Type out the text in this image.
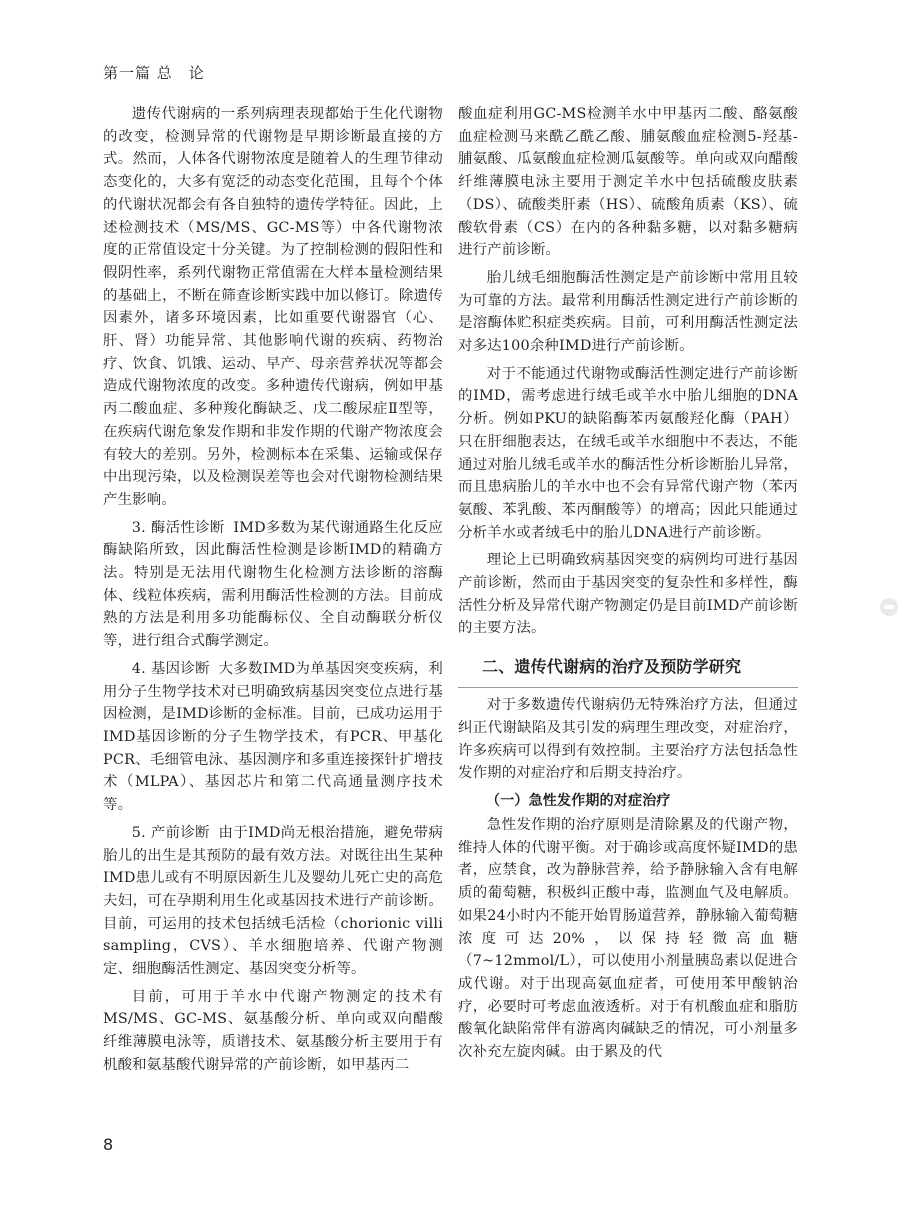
第一篇 总　论

遗传代谢病的一系列病理表现都始于生化代谢物的改变，检测异常的代谢物是早期诊断最直接的方式。然而，人体各代谢物浓度是随着人的生理节律动态变化的，大多有宽泛的动态变化范围，且每个个体的代谢状况都会有各自独特的遗传学特征。因此，上述检测技术（MS/MS、GC-MS等）中各代谢物浓度的正常值设定十分关键。为了控制检测的假阳性和假阴性率，系列代谢物正常值需在大样本量检测结果的基础上，不断在筛查诊断实践中加以修订。除遗传因素外，诸多环境因素，比如重要代谢器官（心、肝、肾）功能异常、其他影响代谢的疾病、药物治疗、饮食、饥饿、运动、早产、母亲营养状况等都会造成代谢物浓度的改变。多种遗传代谢病，例如甲基丙二酸血症、多种羧化酶缺乏、戊二酸尿症Ⅱ型等，在疾病代谢危象发作期和非发作期的代谢产物浓度会有较大的差别。另外，检测标本在采集、运输或保存中出现污染，以及检测误差等也会对代谢物检测结果产生影响。

3. 酶活性诊断 IMD多数为某代谢通路生化反应酶缺陷所致，因此酶活性检测是诊断IMD的精确方法。特别是无法用代谢物生化检测方法诊断的溶酶体、线粒体疾病，需利用酶活性检测的方法。目前成熟的方法是利用多功能酶标仪、全自动酶联分析仪等，进行组合式酶学测定。

4. 基因诊断 大多数IMD为单基因突变疾病，利用分子生物学技术对已明确致病基因突变位点进行基因检测，是IMD诊断的金标准。目前，已成功运用于IMD基因诊断的分子生物学技术，有PCR、甲基化PCR、毛细管电泳、基因测序和多重连接探针扩增技术（MLPA）、基因芯片和第二代高通量测序技术等。

5. 产前诊断 由于IMD尚无根治措施，避免带病胎儿的出生是其预防的最有效方法。对既往出生某种IMD患儿或有不明原因新生儿及婴幼儿死亡史的高危夫妇，可在孕期利用生化或基因技术进行产前诊断。目前，可运用的技术包括绒毛活检（chorionic villi sampling，CVS）、羊水细胞培养、代谢产物测定、细胞酶活性测定、基因突变分析等。

目前，可用于羊水中代谢产物测定的技术有MS/MS、GC-MS、氨基酸分析、单向或双向醋酸纤维薄膜电泳等，质谱技术、氨基酸分析主要用于有机酸和氨基酸代谢异常的产前诊断，如甲基丙二

酸血症利用GC-MS检测羊水中甲基丙二酸、酪氨酸血症检测马来酰乙酰乙酸、脯氨酸血症检测5-羟基-脯氨酸、瓜氨酸血症检测瓜氨酸等。单向或双向醋酸纤维薄膜电泳主要用于测定羊水中包括硫酸皮肤素（DS）、硫酸类肝素（HS）、硫酸角质素（KS）、硫酸软骨素（CS）在内的各种黏多糖，以对黏多糖病进行产前诊断。

胎儿绒毛细胞酶活性测定是产前诊断中常用且较为可靠的方法。最常利用酶活性测定进行产前诊断的是溶酶体贮积症类疾病。目前，可利用酶活性测定法对多达100余种IMD进行产前诊断。

对于不能通过代谢物或酶活性测定进行产前诊断的IMD，需考虑进行绒毛或羊水中胎儿细胞的DNA分析。例如PKU的缺陷酶苯丙氨酸羟化酶（PAH）只在肝细胞表达，在绒毛或羊水细胞中不表达，不能通过对胎儿绒毛或羊水的酶活性分析诊断胎儿异常，而且患病胎儿的羊水中也不会有异常代谢产物（苯丙氨酸、苯乳酸、苯丙酮酸等）的增高；因此只能通过分析羊水或者绒毛中的胎儿DNA进行产前诊断。

理论上已明确致病基因突变的病例均可进行基因产前诊断，然而由于基因突变的复杂性和多样性，酶活性分析及异常代谢产物测定仍是目前IMD产前诊断的主要方法。

二、遗传代谢病的治疗及预防学研究

对于多数遗传代谢病仍无特殊治疗方法，但通过纠正代谢缺陷及其引发的病理生理改变，对症治疗，许多疾病可以得到有效控制。主要治疗方法包括急性发作期的对症治疗和后期支持治疗。

（一）急性发作期的对症治疗

急性发作期的治疗原则是清除累及的代谢产物，维持人体的代谢平衡。对于确诊或高度怀疑IMD的患者，应禁食，改为静脉营养，给予静脉输入含有电解质的葡萄糖，积极纠正酸中毒，监测血气及电解质。如果24小时内不能开始胃肠道营养，静脉输入葡萄糖浓度可达20%，以保持轻微高血糖（7~12mmol/L），可以使用小剂量胰岛素以促进合成代谢。对于出现高氨血症者，可使用苯甲酸钠治疗，必要时可考虑血液透析。对于有机酸血症和脂肪酸氧化缺陷常伴有游离肉碱缺乏的情况，可小剂量多次补充左旋肉碱。由于累及的代

8
